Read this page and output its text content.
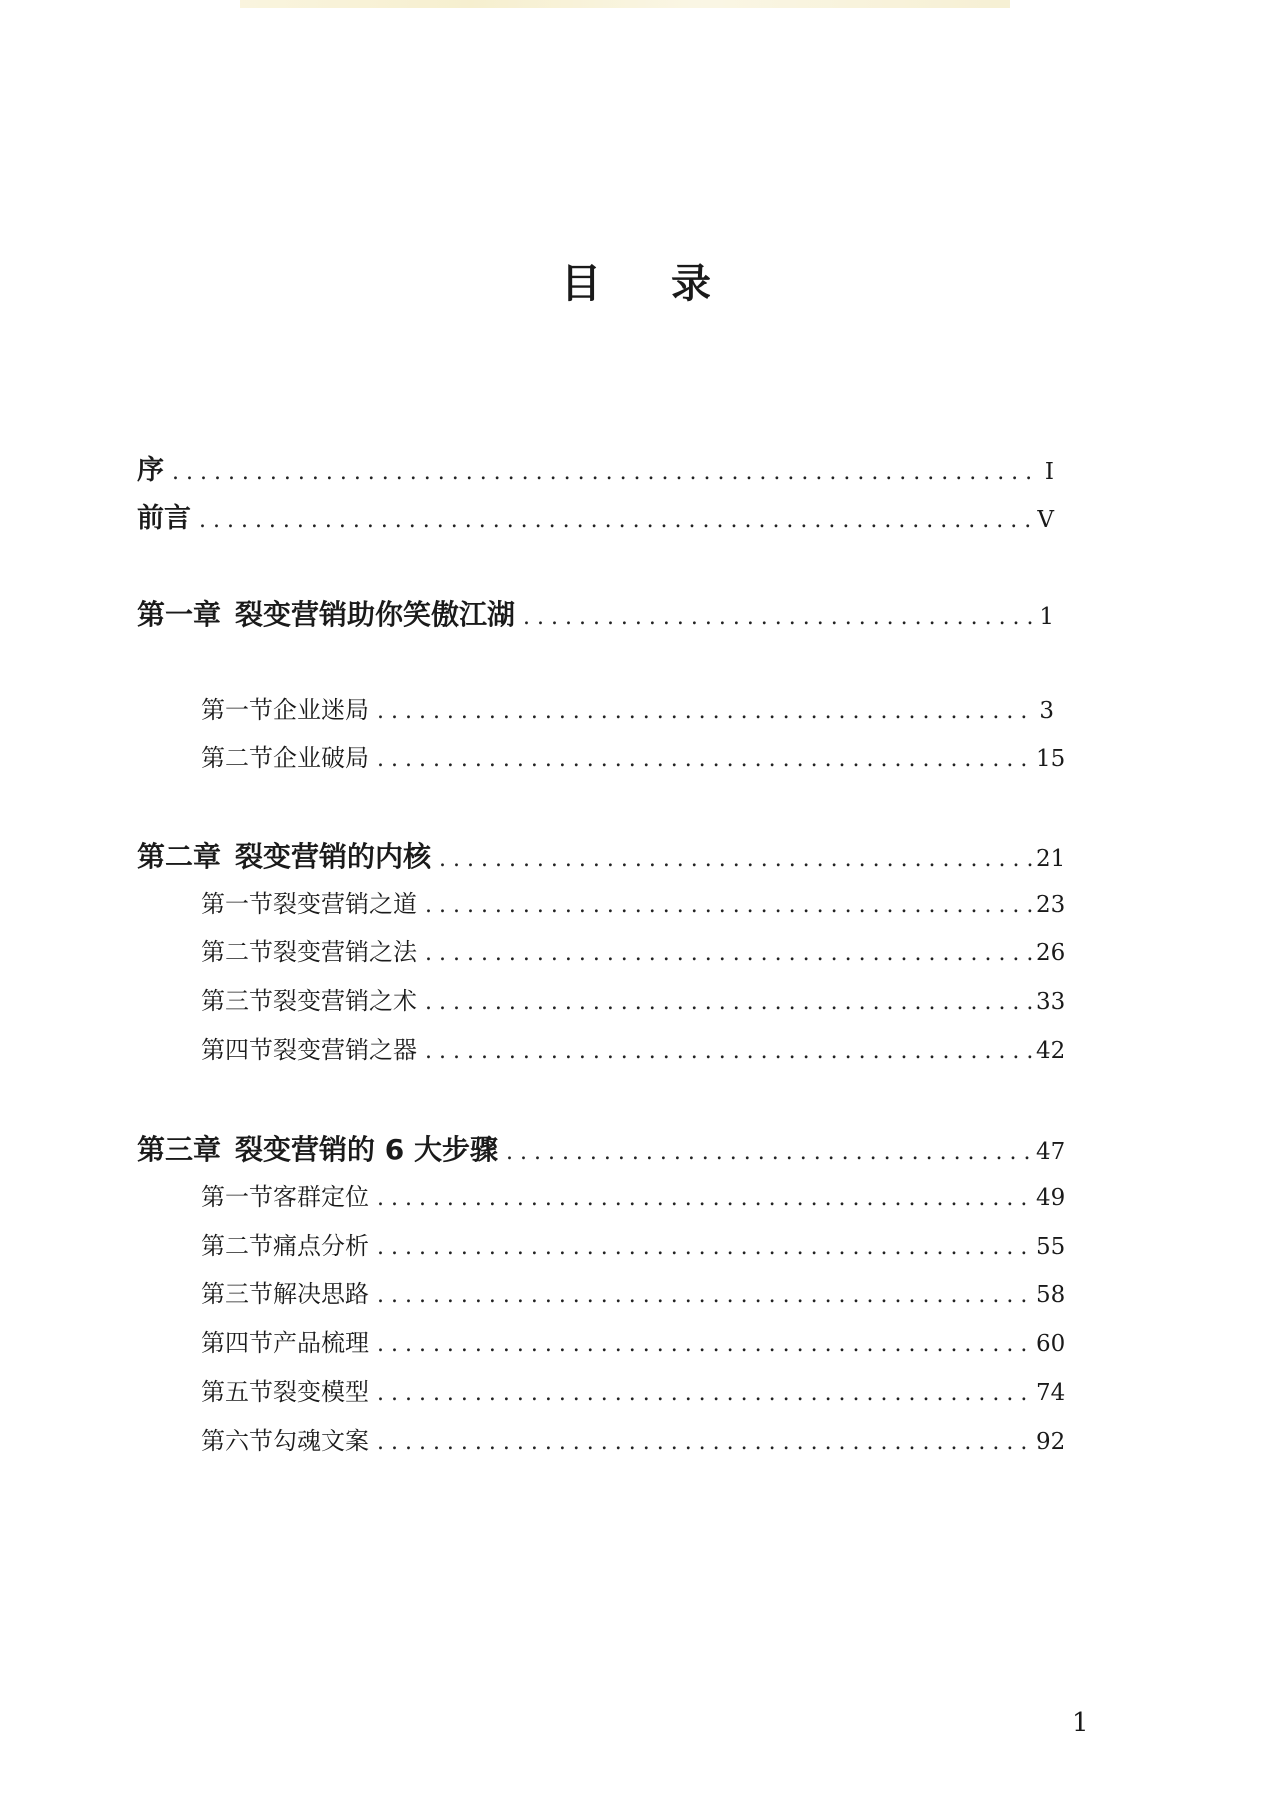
目 录
序 . . .	I
前言 . . .	V
第一章 裂变营销助你笑傲江湖 . . .	1
第一节 企业迷局 . . .	3
第二节 企业破局 . . .	15
第二章 裂变营销的内核 . . .	21
第一节 裂变营销之道 . . .	23
第二节 裂变营销之法 . . .	26
第三节 裂变营销之术 . . .	33
第四节 裂变营销之器 . . .	42
第三章 裂变营销的 6 大步骤 . . .	47
第一节 客群定位 . . .	49
第二节 痛点分析 . . .	55
第三节 解决思路 . . .	58
第四节 产品梳理 . . .	60
第五节 裂变模型 . . .	74
第六节 勾魂文案 . . .	92
1
